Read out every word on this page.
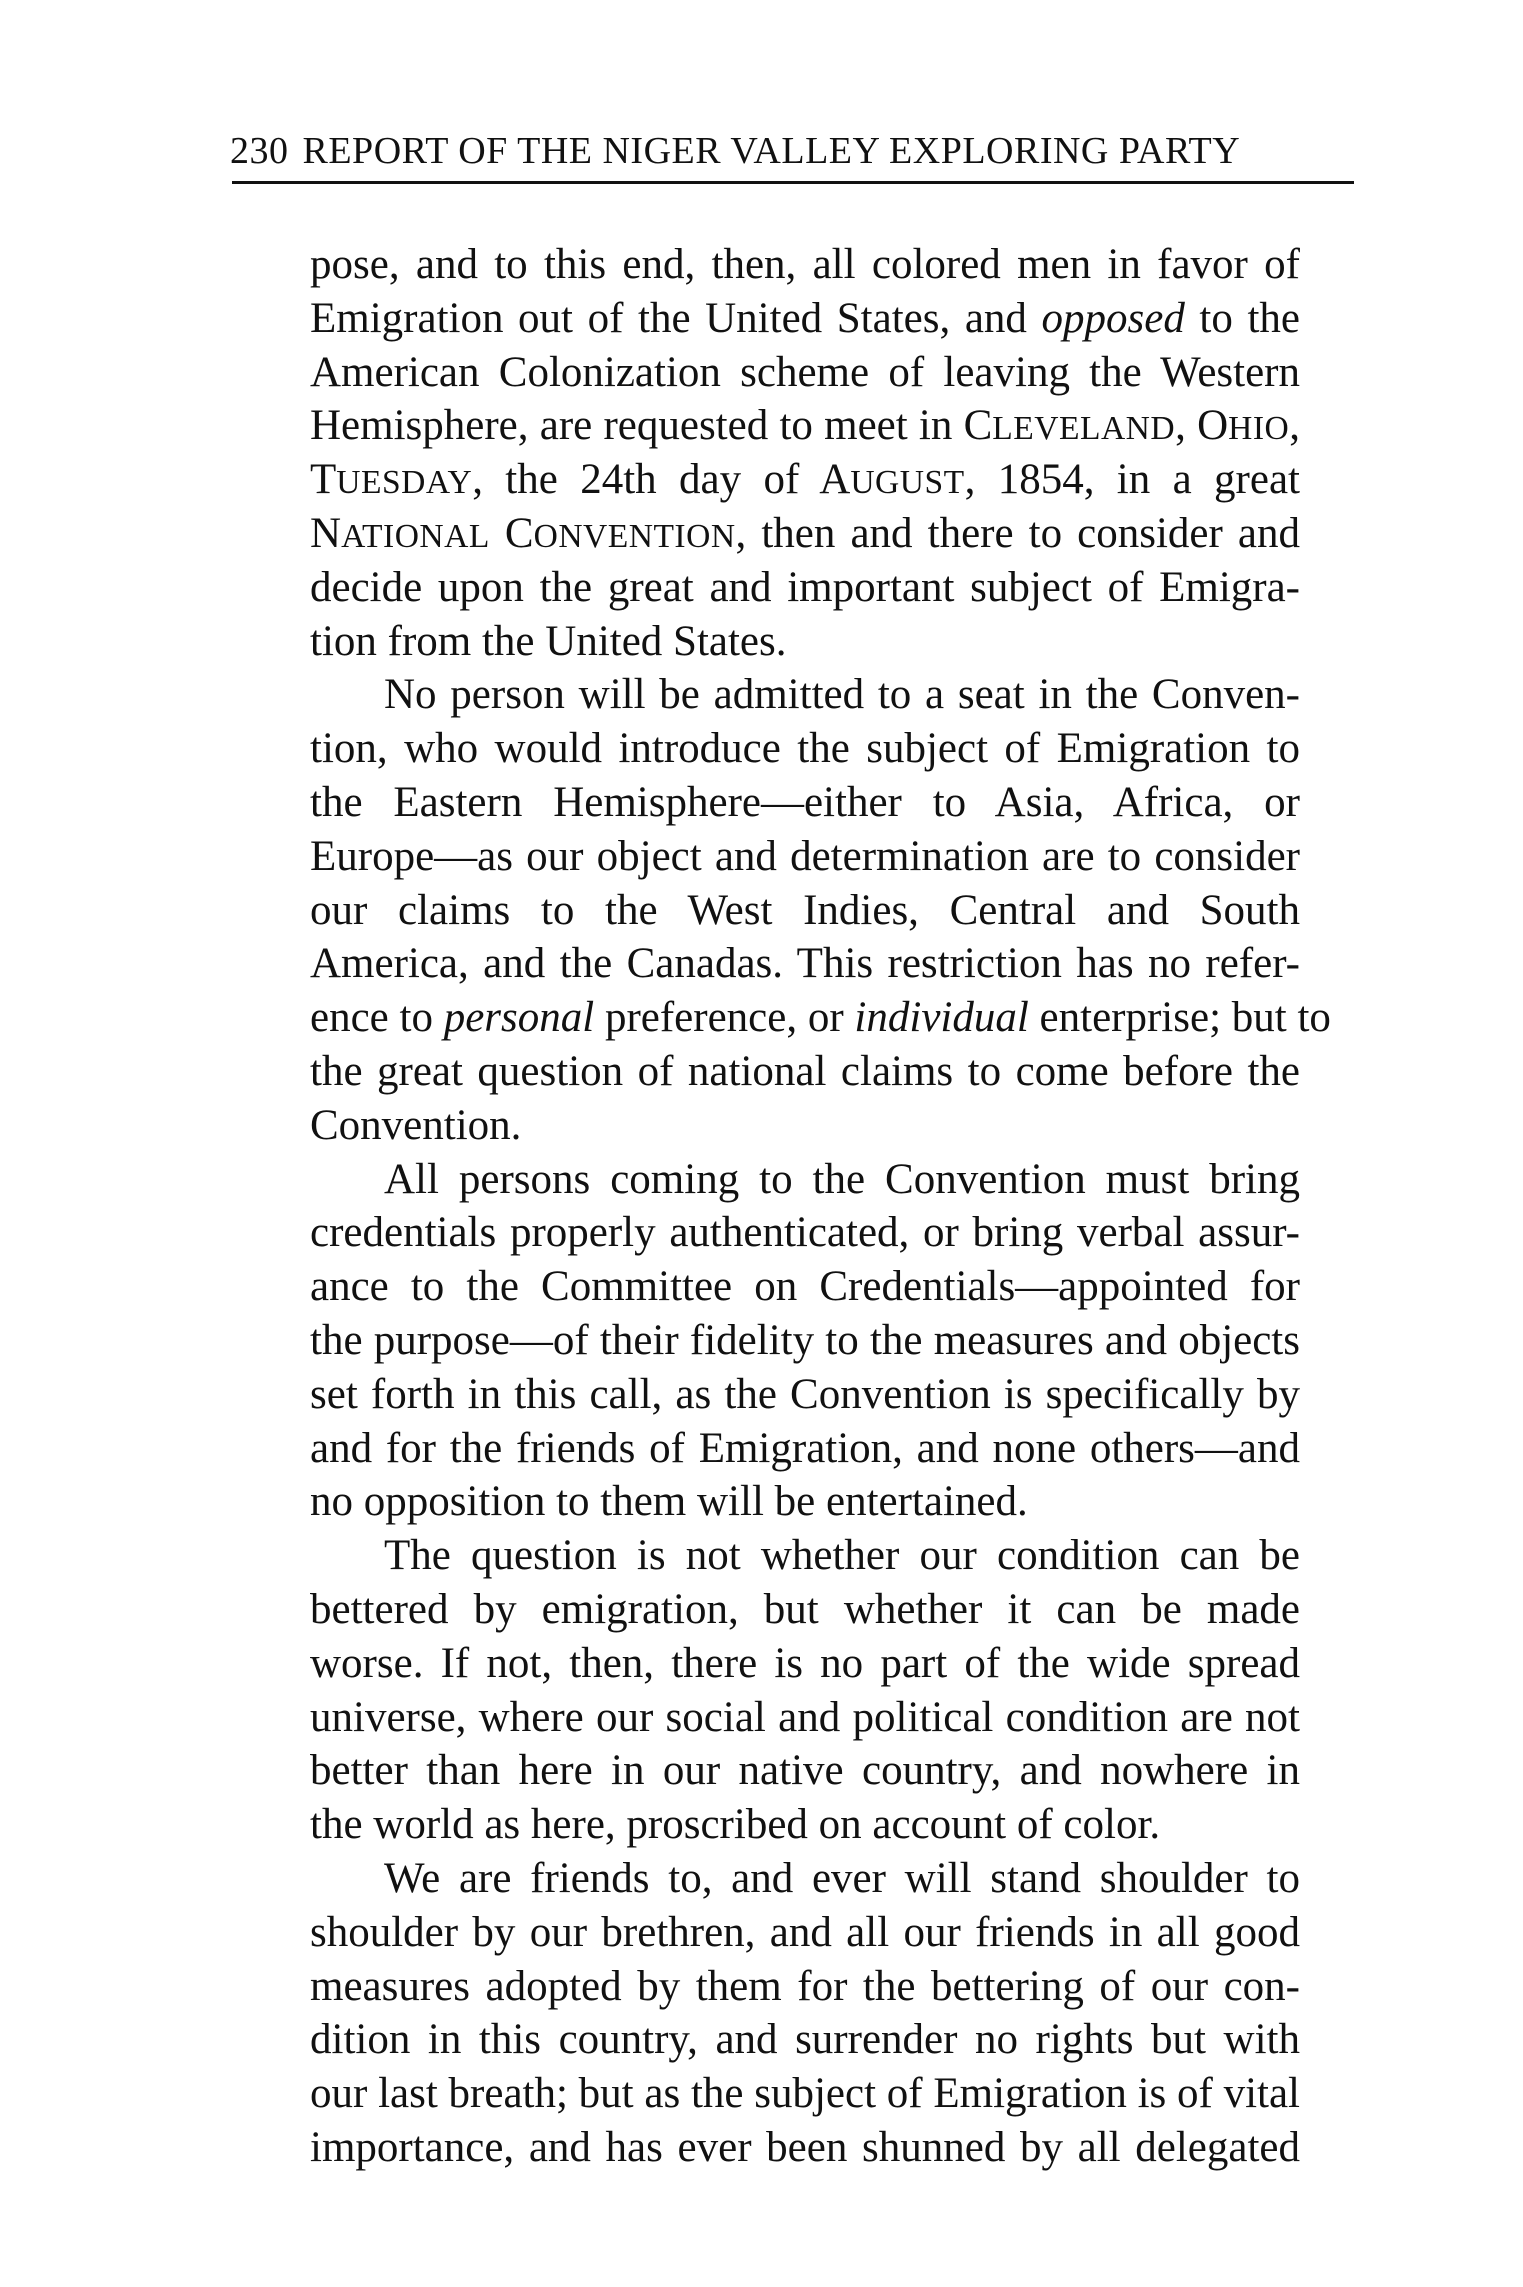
230 REPORT OF THE NIGER VALLEY EXPLORING PARTY
pose, and to this end, then, all colored men in favor of
Emigration out of the United States, and opposed to the
American Colonization scheme of leaving the Western
Hemisphere, are requested to meet in CLEVELAND, OHIO,
TUESDAY, the 24th day of AUGUST, 1854, in a great
NATIONAL CONVENTION, then and there to consider and
decide upon the great and important subject of Emigra-
tion from the United States.
No person will be admitted to a seat in the Conven-
tion, who would introduce the subject of Emigration to
the Eastern Hemisphere—either to Asia, Africa, or
Europe—as our object and determination are to consider
our claims to the West Indies, Central and South
America, and the Canadas. This restriction has no refer-
ence to personal preference, or individual enterprise; but to
the great question of national claims to come before the
Convention.
All persons coming to the Convention must bring
credentials properly authenticated, or bring verbal assur-
ance to the Committee on Credentials—appointed for
the purpose—of their fidelity to the measures and objects
set forth in this call, as the Convention is specifically by
and for the friends of Emigration, and none others—and
no opposition to them will be entertained.
The question is not whether our condition can be
bettered by emigration, but whether it can be made
worse. If not, then, there is no part of the wide spread
universe, where our social and political condition are not
better than here in our native country, and nowhere in
the world as here, proscribed on account of color.
We are friends to, and ever will stand shoulder to
shoulder by our brethren, and all our friends in all good
measures adopted by them for the bettering of our con-
dition in this country, and surrender no rights but with
our last breath; but as the subject of Emigration is of vital
importance, and has ever been shunned by all delegated
